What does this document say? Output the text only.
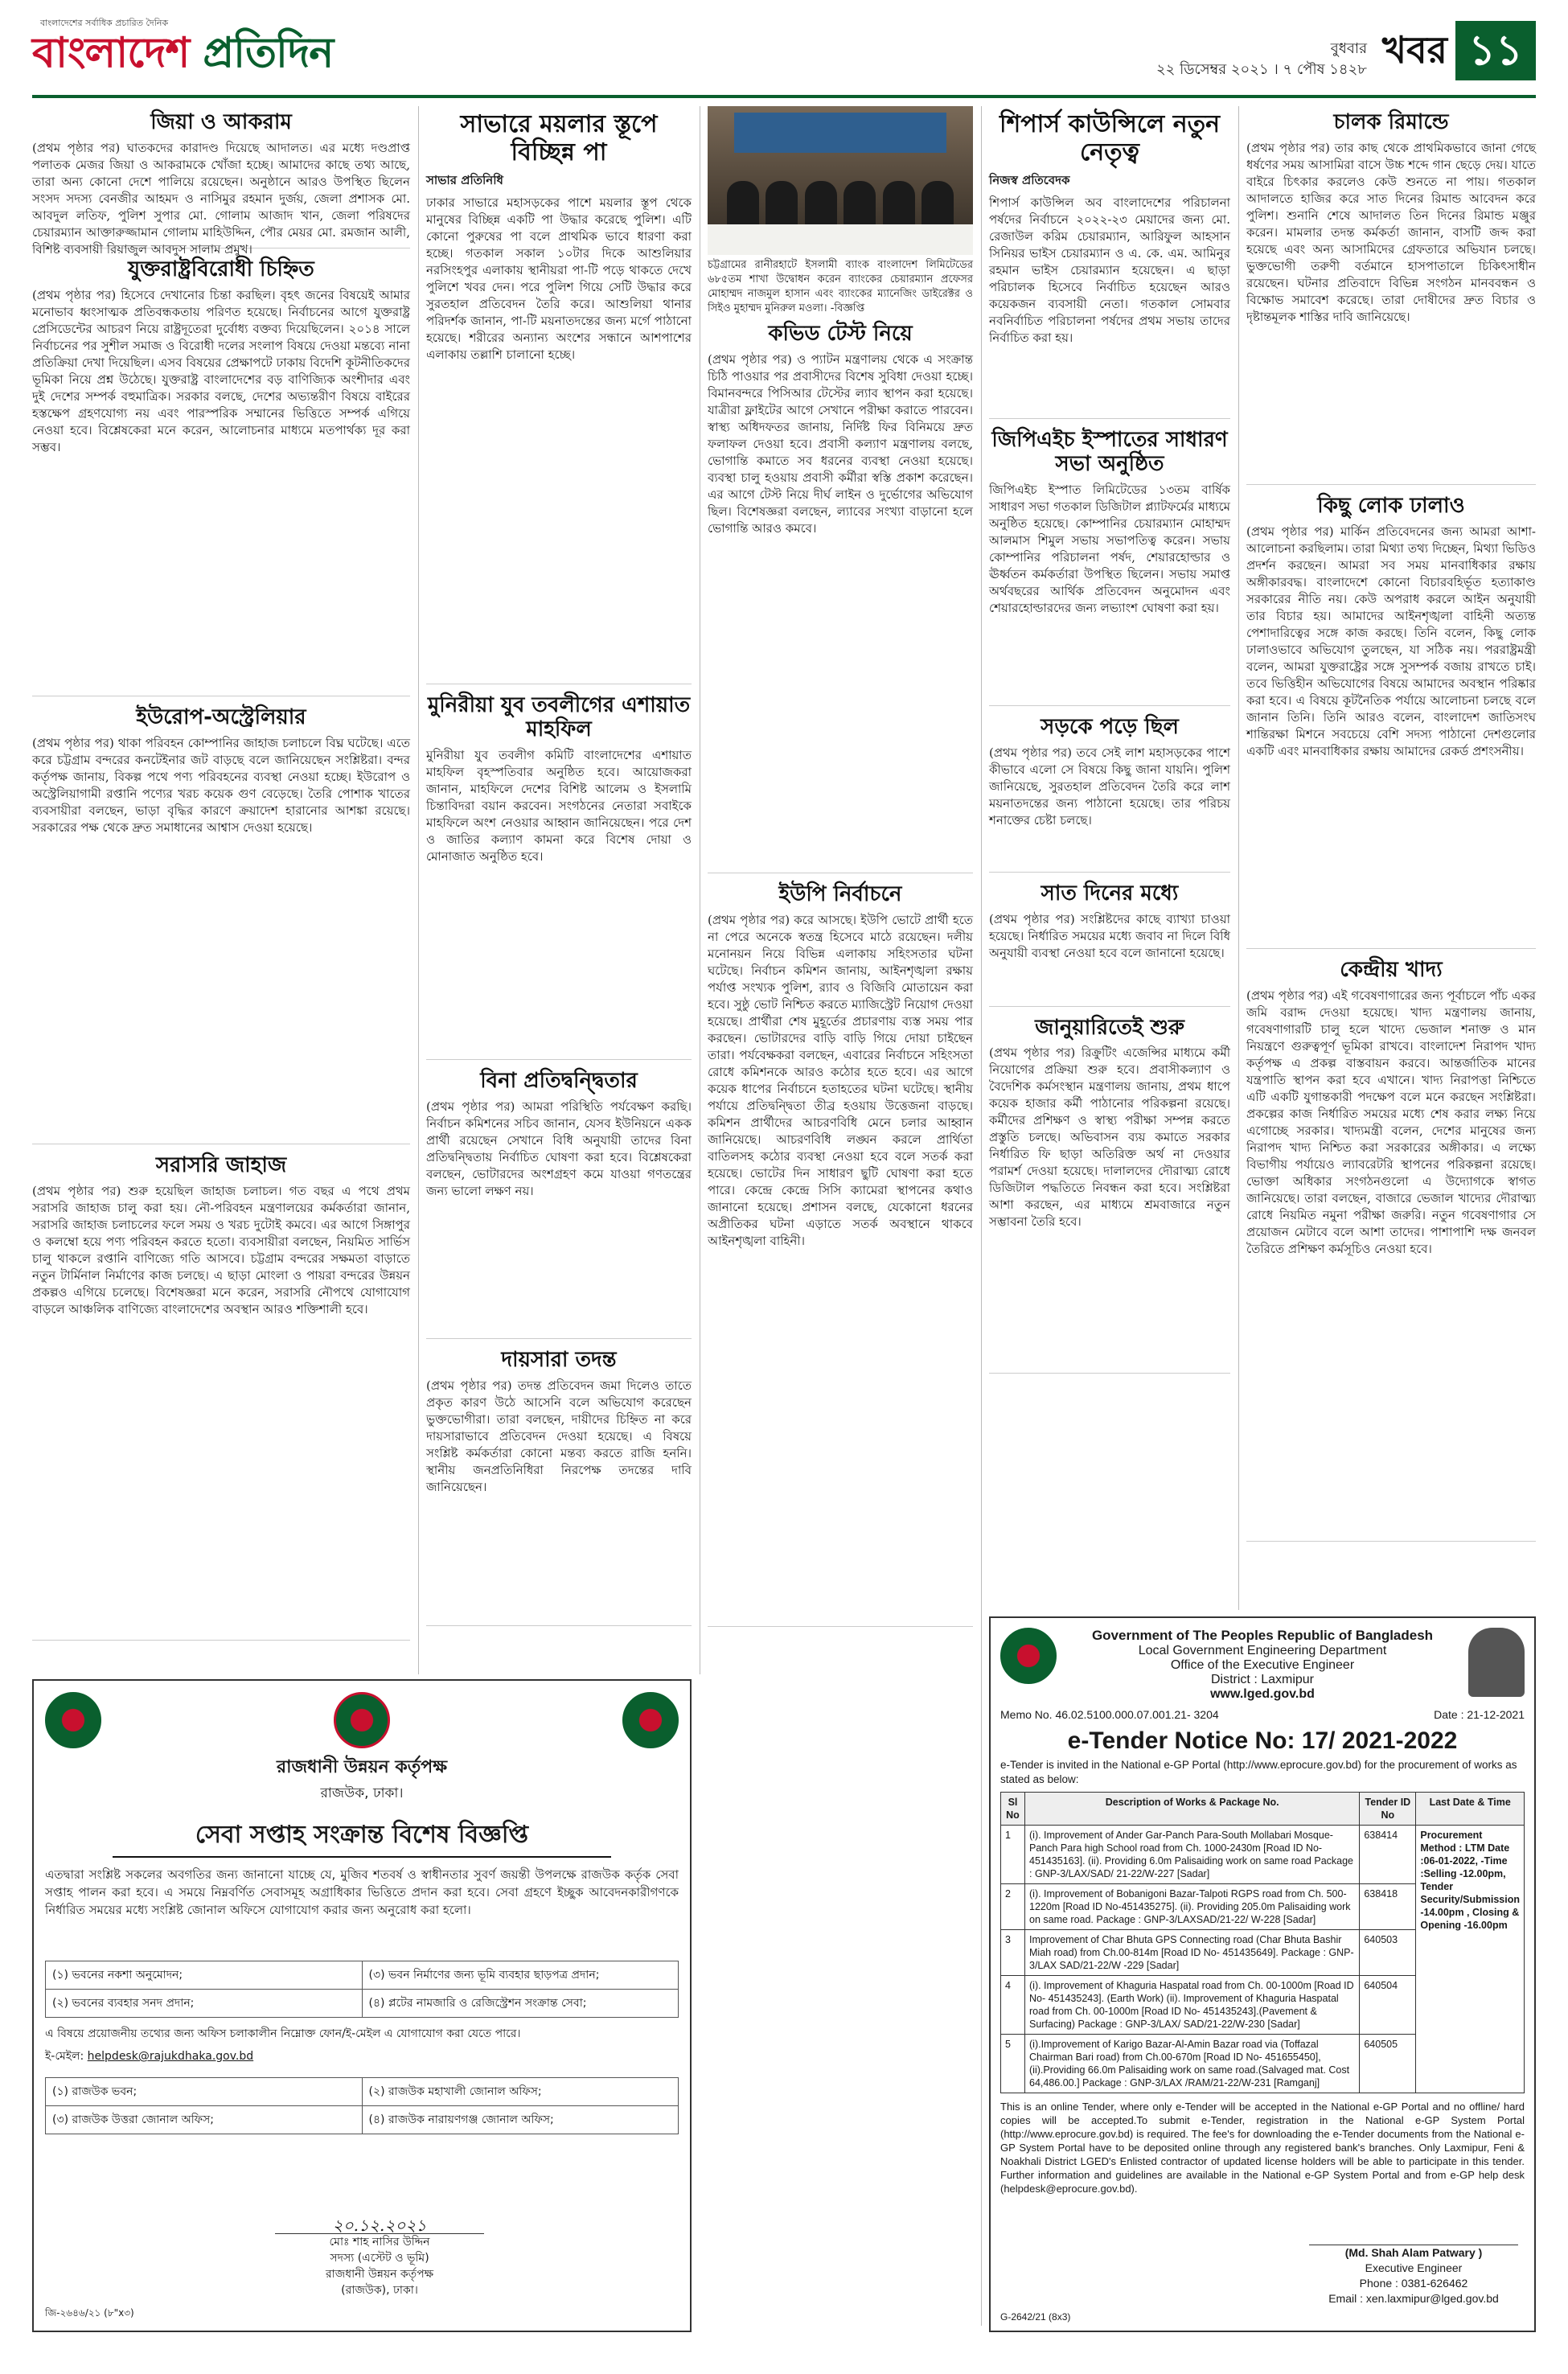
বাংলাদেশের সর্বাধিক প্রচারিত দৈনিক
বাংলাদেশ প্রতিদিন	বুধবার
২২ ডিসেম্বর ২০২১ । ৭ পৌষ ১৪২৮ খবর ১১
জিয়া ও আকরাম
(প্রথম পৃষ্ঠার পর) ঘাতকদের কারাদণ্ড দিয়েছে আদালত। এর মধ্যে দণ্ডপ্রাপ্ত পলাতক মেজর জিয়া ও আকরামকে খোঁজা হচ্ছে। আমাদের কাছে তথ্য আছে, তারা অন্য কোনো দেশে পালিয়ে রয়েছেন। অনুষ্ঠানে আরও উপস্থিত ছিলেন সংসদ সদস্য বেনজীর আহমদ ও নাসিমুর রহমান দুর্জয়, জেলা প্রশাসক মো. আবদুল লতিফ, পুলিশ সুপার মো. গোলাম আজাদ খান, জেলা পরিষদের চেয়ারম্যান আক্তারুজ্জামান গোলাম মাহিউদ্দিন, পৌর মেয়র মো. রমজান আলী, বিশিষ্ট ব্যবসায়ী রিয়াজুল আবদুস সালাম প্রমুখ।
যুক্তরাষ্ট্রবিরোধী চিহ্নিত
(প্রথম পৃষ্ঠার পর) হিসেবে দেখানোর চিন্তা করছিল। বৃহৎ জনের বিষয়েই আমার মনোভাব ধ্বংসাত্মক প্রতিবন্ধকতায় পরিণত হয়েছে। নির্বাচনের আগে যুক্তরাষ্ট্র প্রেসিডেন্টের আচরণ নিয়ে রাষ্ট্রদূতেরা দুর্বোধ্য বক্তব্য দিয়েছিলেন। ২০১৪ সালে নির্বাচনের পর সুশীল সমাজ ও বিরোধী দলের সংলাপ বিষয়ে দেওয়া মন্তব্যে নানা প্রতিক্রিয়া দেখা দিয়েছিল। এসব বিষয়ের প্রেক্ষাপটে ঢাকায় বিদেশি কূটনীতিকদের ভূমিকা নিয়ে প্রশ্ন উঠেছে। যুক্তরাষ্ট্র বাংলাদেশের বড় বাণিজ্যিক অংশীদার এবং দুই দেশের সম্পর্ক বহুমাত্রিক। সরকার বলছে, দেশের অভ্যন্তরীণ বিষয়ে বাইরের হস্তক্ষেপ গ্রহণযোগ্য নয় এবং পারস্পরিক সম্মানের ভিত্তিতে সম্পর্ক এগিয়ে নেওয়া হবে। বিশ্লেষকেরা মনে করেন, আলোচনার মাধ্যমে মতপার্থক্য দূর করা সম্ভব।
ইউরোপ-অস্ট্রেলিয়ার
(প্রথম পৃষ্ঠার পর) থাকা পরিবহন কোম্পানির জাহাজ চলাচলে বিঘ্ন ঘটেছে। এতে করে চট্টগ্রাম বন্দরের কনটেইনার জট বাড়ছে বলে জানিয়েছেন সংশ্লিষ্টরা। বন্দর কর্তৃপক্ষ জানায়, বিকল্প পথে পণ্য পরিবহনের ব্যবস্থা নেওয়া হচ্ছে। ইউরোপ ও অস্ট্রেলিয়াগামী রপ্তানি পণ্যের খরচ কয়েক গুণ বেড়েছে। তৈরি পোশাক খাতের ব্যবসায়ীরা বলছেন, ভাড়া বৃদ্ধির কারণে ক্রয়াদেশ হারানোর আশঙ্কা রয়েছে। সরকারের পক্ষ থেকে দ্রুত সমাধানের আশ্বাস দেওয়া হয়েছে।
সরাসরি জাহাজ
(প্রথম পৃষ্ঠার পর) শুরু হয়েছিল জাহাজ চলাচল। গত বছর এ পথে প্রথম সরাসরি জাহাজ চালু করা হয়। নৌ-পরিবহন মন্ত্রণালয়ের কর্মকর্তারা জানান, সরাসরি জাহাজ চলাচলের ফলে সময় ও খরচ দুটোই কমবে। এর আগে সিঙ্গাপুর ও কলম্বো হয়ে পণ্য পরিবহন করতে হতো। ব্যবসায়ীরা বলছেন, নিয়মিত সার্ভিস চালু থাকলে রপ্তানি বাণিজ্যে গতি আসবে। চট্টগ্রাম বন্দরের সক্ষমতা বাড়াতে নতুন টার্মিনাল নির্মাণের কাজ চলছে। এ ছাড়া মোংলা ও পায়রা বন্দরের উন্নয়ন প্রকল্পও এগিয়ে চলেছে। বিশেষজ্ঞরা মনে করেন, সরাসরি নৌপথে যোগাযোগ বাড়লে আঞ্চলিক বাণিজ্যে বাংলাদেশের অবস্থান আরও শক্তিশালী হবে।
সাভারে ময়লার স্তূপে বিচ্ছিন্ন পা
সাভার প্রতিনিধি
ঢাকার সাভারে মহাসড়কের পাশে ময়লার স্তূপ থেকে মানুষের বিচ্ছিন্ন একটি পা উদ্ধার করেছে পুলিশ। এটি কোনো পুরুষের পা বলে প্রাথমিক ভাবে ধারণা করা হচ্ছে। গতকাল সকাল ১০টার দিকে আশুলিয়ার নরসিংহপুর এলাকায় স্থানীয়রা পা-টি পড়ে থাকতে দেখে পুলিশে খবর দেন। পরে পুলিশ গিয়ে সেটি উদ্ধার করে সুরতহাল প্রতিবেদন তৈরি করে। আশুলিয়া থানার পরিদর্শক জানান, পা-টি ময়নাতদন্তের জন্য মর্গে পাঠানো হয়েছে। শরীরের অন্যান্য অংশের সন্ধানে আশপাশের এলাকায় তল্লাশি চালানো হচ্ছে।
মুনিরীয়া যুব তবলীগের এশায়াত মাহফিল
মুনিরীয়া যুব তবলীগ কমিটি বাংলাদেশের এশায়াত মাহফিল বৃহস্পতিবার অনুষ্ঠিত হবে। আয়োজকরা জানান, মাহফিলে দেশের বিশিষ্ট আলেম ও ইসলামি চিন্তাবিদরা বয়ান করবেন। সংগঠনের নেতারা সবাইকে মাহফিলে অংশ নেওয়ার আহ্বান জানিয়েছেন। পরে দেশ ও জাতির কল্যাণ কামনা করে বিশেষ দোয়া ও মোনাজাত অনুষ্ঠিত হবে।
বিনা প্রতিদ্বন্দ্বিতার
(প্রথম পৃষ্ঠার পর) আমরা পরিস্থিতি পর্যবেক্ষণ করছি। নির্বাচন কমিশনের সচিব জানান, যেসব ইউনিয়নে একক প্রার্থী রয়েছেন সেখানে বিধি অনুযায়ী তাদের বিনা প্রতিদ্বন্দ্বিতায় নির্বাচিত ঘোষণা করা হবে। বিশ্লেষকেরা বলছেন, ভোটারদের অংশগ্রহণ কমে যাওয়া গণতন্ত্রের জন্য ভালো লক্ষণ নয়।
দায়সারা তদন্ত
(প্রথম পৃষ্ঠার পর) তদন্ত প্রতিবেদন জমা দিলেও তাতে প্রকৃত কারণ উঠে আসেনি বলে অভিযোগ করেছেন ভুক্তভোগীরা। তারা বলছেন, দায়ীদের চিহ্নিত না করে দায়সারাভাবে প্রতিবেদন দেওয়া হয়েছে। এ বিষয়ে সংশ্লিষ্ট কর্মকর্তারা কোনো মন্তব্য করতে রাজি হননি। স্থানীয় জনপ্রতিনিধিরা নিরপেক্ষ তদন্তের দাবি জানিয়েছেন।
চট্টগ্রামের রানীরহাটে ইসলামী ব্যাংক বাংলাদেশ লিমিটেডের ৬৮৫তম শাখা উদ্বোধন করেন ব্যাংকের চেয়ারম্যান প্রফেসর মোহাম্মদ নাজমুল হাসান এবং ব্যাংকের ম্যানেজিং ডাইরেক্টর ও সিইও মুহাম্মদ মুনিরুল মওলা। -বিজ্ঞপ্তি
কভিড টেস্ট নিয়ে
(প্রথম পৃষ্ঠার পর) ও প্যাটন মন্ত্রণালয় থেকে এ সংক্রান্ত চিঠি পাওয়ার পর প্রবাসীদের বিশেষ সুবিধা দেওয়া হচ্ছে। বিমানবন্দরে পিসিআর টেস্টের ল্যাব স্থাপন করা হয়েছে। যাত্রীরা ফ্লাইটের আগে সেখানে পরীক্ষা করাতে পারবেন। স্বাস্থ্য অধিদফতর জানায়, নির্দিষ্ট ফির বিনিময়ে দ্রুত ফলাফল দেওয়া হবে। প্রবাসী কল্যাণ মন্ত্রণালয় বলছে, ভোগান্তি কমাতে সব ধরনের ব্যবস্থা নেওয়া হয়েছে। ব্যবস্থা চালু হওয়ায় প্রবাসী কর্মীরা স্বস্তি প্রকাশ করেছেন। এর আগে টেস্ট নিয়ে দীর্ঘ লাইন ও দুর্ভোগের অভিযোগ ছিল। বিশেষজ্ঞরা বলছেন, ল্যাবের সংখ্যা বাড়ানো হলে ভোগান্তি আরও কমবে।
ইউপি নির্বাচনে
(প্রথম পৃষ্ঠার পর) করে আসছে। ইউপি ভোটে প্রার্থী হতে না পেরে অনেকে স্বতন্ত্র হিসেবে মাঠে রয়েছেন। দলীয় মনোনয়ন নিয়ে বিভিন্ন এলাকায় সহিংসতার ঘটনা ঘটেছে। নির্বাচন কমিশন জানায়, আইনশৃঙ্খলা রক্ষায় পর্যাপ্ত সংখ্যক পুলিশ, র‌্যাব ও বিজিবি মোতায়েন করা হবে। সুষ্ঠু ভোট নিশ্চিত করতে ম্যাজিস্ট্রেট নিয়োগ দেওয়া হয়েছে। প্রার্থীরা শেষ মুহূর্তের প্রচারণায় ব্যস্ত সময় পার করছেন। ভোটারদের বাড়ি বাড়ি গিয়ে দোয়া চাইছেন তারা। পর্যবেক্ষকরা বলছেন, এবারের নির্বাচনে সহিংসতা রোধে কমিশনকে আরও কঠোর হতে হবে। এর আগে কয়েক ধাপের নির্বাচনে হতাহতের ঘটনা ঘটেছে। স্থানীয় পর্যায়ে প্রতিদ্বন্দ্বিতা তীব্র হওয়ায় উত্তেজনা বাড়ছে। কমিশন প্রার্থীদের আচরণবিধি মেনে চলার আহ্বান জানিয়েছে। আচরণবিধি লঙ্ঘন করলে প্রার্থিতা বাতিলসহ কঠোর ব্যবস্থা নেওয়া হবে বলে সতর্ক করা হয়েছে। ভোটের দিন সাধারণ ছুটি ঘোষণা করা হতে পারে। কেন্দ্রে কেন্দ্রে সিসি ক্যামেরা স্থাপনের কথাও জানানো হয়েছে। প্রশাসন বলছে, যেকোনো ধরনের অপ্রীতিকর ঘটনা এড়াতে সতর্ক অবস্থানে থাকবে আইনশৃঙ্খলা বাহিনী।
শিপার্স কাউন্সিলে নতুন নেতৃত্ব
নিজস্ব প্রতিবেদক
শিপার্স কাউন্সিল অব বাংলাদেশের পরিচালনা পর্ষদের নির্বাচনে ২০২২-২৩ মেয়াদের জন্য মো. রেজাউল করিম চেয়ারম্যান, আরিফুল আহসান সিনিয়র ভাইস চেয়ারম্যান ও এ. কে. এম. আমিনুর রহমান ভাইস চেয়ারম্যান হয়েছেন। এ ছাড়া পরিচালক হিসেবে নির্বাচিত হয়েছেন আরও কয়েকজন ব্যবসায়ী নেতা। গতকাল সোমবার নবনির্বাচিত পরিচালনা পর্ষদের প্রথম সভায় তাদের নির্বাচিত করা হয়।
জিপিএইচ ইস্পাতের সাধারণ সভা অনুষ্ঠিত
জিপিএইচ ইস্পাত লিমিটেডের ১৩তম বার্ষিক সাধারণ সভা গতকাল ডিজিটাল প্ল্যাটফর্মের মাধ্যমে অনুষ্ঠিত হয়েছে। কোম্পানির চেয়ারম্যান মোহাম্মদ আলমাস শিমুল সভায় সভাপতিত্ব করেন। সভায় কোম্পানির পরিচালনা পর্ষদ, শেয়ারহোল্ডার ও ঊর্ধ্বতন কর্মকর্তারা উপস্থিত ছিলেন। সভায় সমাপ্ত অর্থবছরের আর্থিক প্রতিবেদন অনুমোদন এবং শেয়ারহোল্ডারদের জন্য লভ্যাংশ ঘোষণা করা হয়।
সড়কে পড়ে ছিল
(প্রথম পৃষ্ঠার পর) তবে সেই লাশ মহাসড়কের পাশে কীভাবে এলো সে বিষয়ে কিছু জানা যায়নি। পুলিশ জানিয়েছে, সুরতহাল প্রতিবেদন তৈরি করে লাশ ময়নাতদন্তের জন্য পাঠানো হয়েছে। তার পরিচয় শনাক্তের চেষ্টা চলছে।
সাত দিনের মধ্যে
(প্রথম পৃষ্ঠার পর) সংশ্লিষ্টদের কাছে ব্যাখ্যা চাওয়া হয়েছে। নির্ধারিত সময়ের মধ্যে জবাব না দিলে বিধি অনুযায়ী ব্যবস্থা নেওয়া হবে বলে জানানো হয়েছে।
জানুয়ারিতেই শুরু
(প্রথম পৃষ্ঠার পর) রিক্রুটিং এজেন্সির মাধ্যমে কর্মী নিয়োগের প্রক্রিয়া শুরু হবে। প্রবাসীকল্যাণ ও বৈদেশিক কর্মসংস্থান মন্ত্রণালয় জানায়, প্রথম ধাপে কয়েক হাজার কর্মী পাঠানোর পরিকল্পনা রয়েছে। কর্মীদের প্রশিক্ষণ ও স্বাস্থ্য পরীক্ষা সম্পন্ন করতে প্রস্তুতি চলছে। অভিবাসন ব্যয় কমাতে সরকার নির্ধারিত ফি ছাড়া অতিরিক্ত অর্থ না দেওয়ার পরামর্শ দেওয়া হয়েছে। দালালদের দৌরাত্ম্য রোধে ডিজিটাল পদ্ধতিতে নিবন্ধন করা হবে। সংশ্লিষ্টরা আশা করছেন, এর মাধ্যমে শ্রমবাজারে নতুন সম্ভাবনা তৈরি হবে।
চালক রিমান্ডে
(প্রথম পৃষ্ঠার পর) তার কাছ থেকে প্রাথমিকভাবে জানা গেছে ধর্ষণের সময় আসামিরা বাসে উচ্চ শব্দে গান ছেড়ে দেয়। যাতে বাইরে চিৎকার করলেও কেউ শুনতে না পায়। গতকাল আদালতে হাজির করে সাত দিনের রিমান্ড আবেদন করে পুলিশ। শুনানি শেষে আদালত তিন দিনের রিমান্ড মঞ্জুর করেন। মামলার তদন্ত কর্মকর্তা জানান, বাসটি জব্দ করা হয়েছে এবং অন্য আসামিদের গ্রেফতারে অভিযান চলছে। ভুক্তভোগী তরুণী বর্তমানে হাসপাতালে চিকিৎসাধীন রয়েছেন। ঘটনার প্রতিবাদে বিভিন্ন সংগঠন মানববন্ধন ও বিক্ষোভ সমাবেশ করেছে। তারা দোষীদের দ্রুত বিচার ও দৃষ্টান্তমূলক শাস্তির দাবি জানিয়েছে।
কিছু লোক ঢালাও
(প্রথম পৃষ্ঠার পর) মার্কিন প্রতিবেদনের জন্য আমরা আশা-আলোচনা করছিলাম। তারা মিথ্যা তথ্য দিচ্ছেন, মিথ্যা ভিডিও প্রদর্শন করছেন। আমরা সব সময় মানবাধিকার রক্ষায় অঙ্গীকারবদ্ধ। বাংলাদেশে কোনো বিচারবহির্ভূত হত্যাকাণ্ড সরকারের নীতি নয়। কেউ অপরাধ করলে আইন অনুযায়ী তার বিচার হয়। আমাদের আইনশৃঙ্খলা বাহিনী অত্যন্ত পেশাদারিত্বের সঙ্গে কাজ করছে। তিনি বলেন, কিছু লোক ঢালাওভাবে অভিযোগ তুলছেন, যা সঠিক নয়। পররাষ্ট্রমন্ত্রী বলেন, আমরা যুক্তরাষ্ট্রের সঙ্গে সুসম্পর্ক বজায় রাখতে চাই। তবে ভিত্তিহীন অভিযোগের বিষয়ে আমাদের অবস্থান পরিষ্কার করা হবে। এ বিষয়ে কূটনৈতিক পর্যায়ে আলোচনা চলছে বলে জানান তিনি। তিনি আরও বলেন, বাংলাদেশ জাতিসংঘ শান্তিরক্ষা মিশনে সবচেয়ে বেশি সদস্য পাঠানো দেশগুলোর একটি এবং মানবাধিকার রক্ষায় আমাদের রেকর্ড প্রশংসনীয়।
কেন্দ্রীয় খাদ্য
(প্রথম পৃষ্ঠার পর) এই গবেষণাগারের জন্য পূর্বাচলে পাঁচ একর জমি বরাদ্দ দেওয়া হয়েছে। খাদ্য মন্ত্রণালয় জানায়, গবেষণাগারটি চালু হলে খাদ্যে ভেজাল শনাক্ত ও মান নিয়ন্ত্রণে গুরুত্বপূর্ণ ভূমিকা রাখবে। বাংলাদেশ নিরাপদ খাদ্য কর্তৃপক্ষ এ প্রকল্প বাস্তবায়ন করবে। আন্তর্জাতিক মানের যন্ত্রপাতি স্থাপন করা হবে এখানে। খাদ্য নিরাপত্তা নিশ্চিতে এটি একটি যুগান্তকারী পদক্ষেপ বলে মনে করছেন সংশ্লিষ্টরা। প্রকল্পের কাজ নির্ধারিত সময়ের মধ্যে শেষ করার লক্ষ্য নিয়ে এগোচ্ছে সরকার। খাদ্যমন্ত্রী বলেন, দেশের মানুষের জন্য নিরাপদ খাদ্য নিশ্চিত করা সরকারের অঙ্গীকার। এ লক্ষ্যে বিভাগীয় পর্যায়েও ল্যাবরেটরি স্থাপনের পরিকল্পনা রয়েছে। ভোক্তা অধিকার সংগঠনগুলো এ উদ্যোগকে স্বাগত জানিয়েছে। তারা বলছেন, বাজারে ভেজাল খাদ্যের দৌরাত্ম্য রোধে নিয়মিত নমুনা পরীক্ষা জরুরি। নতুন গবেষণাগার সে প্রয়োজন মেটাবে বলে আশা তাদের। পাশাপাশি দক্ষ জনবল তৈরিতে প্রশিক্ষণ কর্মসূচিও নেওয়া হবে।
রাজধানী উন্নয়ন কর্তৃপক্ষ
রাজউক, ঢাকা।
সেবা সপ্তাহ সংক্রান্ত বিশেষ বিজ্ঞপ্তি
এতদ্বারা সংশ্লিষ্ট সকলের অবগতির জন্য জানানো যাচ্ছে যে, মুজিব শতবর্ষ ও স্বাধীনতার সুবর্ণ জয়ন্তী উপলক্ষে রাজউক কর্তৃক সেবা সপ্তাহ পালন করা হবে। এ সময়ে নিম্নবর্ণিত সেবাসমূহ অগ্রাধিকার ভিত্তিতে প্রদান করা হবে। সেবা গ্রহণে ইচ্ছুক আবেদনকারীগণকে নির্ধারিত সময়ের মধ্যে সংশ্লিষ্ট জোনাল অফিসে যোগাযোগ করার জন্য অনুরোধ করা হলো।
(১) ভবনের নকশা অনুমোদন;	(৩) ভবন নির্মাণের জন্য ভূমি ব্যবহার ছাড়পত্র প্রদান;
(২) ভবনের ব্যবহার সনদ প্রদান;	(৪) প্লটের নামজারি ও রেজিস্ট্রেশন সংক্রান্ত সেবা;
এ বিষয়ে প্রয়োজনীয় তথ্যের জন্য অফিস চলাকালীন নিম্নোক্ত ফোন/ই-মেইল এ যোগাযোগ করা যেতে পারে।
ই-মেইল: helpdesk@rajukdhaka.gov.bd
(১) রাজউক ভবন;	(২) রাজউক মহাখালী জোনাল অফিস;
(৩) রাজউক উত্তরা জোনাল অফিস;	(৪) রাজউক নারায়ণগঞ্জ জোনাল অফিস;
২০.১২.২০২১
মোঃ শাহ নাসির উদ্দিন
সদস্য (এস্টেট ও ভূমি)
রাজধানী উন্নয়ন কর্তৃপক্ষ
(রাজউক), ঢাকা।
জি-২৬৪৬/২১ (৮"x৩)
Government of The Peoples Republic of Bangladesh
Local Government Engineering Department
Office of the Executive Engineer
District : Laxmipur
www.lged.gov.bd
Memo No. 46.02.5100.000.07.001.21- 3204	Date : 21-12-2021
e-Tender Notice No: 17/ 2021-2022
e-Tender is invited in the National e-GP Portal (http://www.eprocure.gov.bd) for the procurement of works as stated as below:
Sl No	Description of Works & Package No.	Tender ID No	Last Date & Time
1	(i). Improvement of Ander Gar-Panch Para-South Mollabari Mosque-Panch Para high School road from Ch. 1000-2430m [Road ID No- 451435163]. (ii). Providing 6.0m Palisaiding work on same road Package : GNP-3/LAX/SAD/ 21-22/W-227 [Sadar]	638414	Procurement Method : LTM Date :06-01-2022, -Time :Selling -12.00pm, Tender Security/Submission -14.00pm , Closing & Opening -16.00pm
2	(i). Improvement of Bobanigoni Bazar-Talpoti RGPS road from Ch. 500- 1220m [Road ID No-451435275]. (ii). Providing 205.0m Palisaiding work on same road. Package : GNP-3/LAXSAD/21-22/ W-228 [Sadar]	638418	
3	Improvement of Char Bhuta GPS Connecting road (Char Bhuta Bashir Miah road) from Ch.00-814m [Road ID No- 451435649]. Package : GNP-3/LAX SAD/21-22/W -229 [Sadar]	640503	
4	(i). Improvement of Khaguria Haspatal road from Ch. 00-1000m [Road ID No- 451435243]. (Earth Work) (ii). Improvement of Khaguria Haspatal road from Ch. 00-1000m [Road ID No- 451435243].(Pavement & Surfacing) Package : GNP-3/LAX/ SAD/21-22/W-230 [Sadar]	640504	
5	(i).Improvement of Karigo Bazar-Al-Amin Bazar road via (Toffazal Chairman Bari road) from Ch.00-670m [Road ID No- 451655450], (ii).Providing 66.0m Palisaiding work on same road.(Salvaged mat. Cost 64,486.00.] Package : GNP-3/LAX /RAM/21-22/W-231 [Ramganj]	640505	
This is an online Tender, where only e-Tender will be accepted in the National e-GP Portal and no offline/ hard copies will be accepted.To submit e-Tender, registration in the National e-GP System Portal (http://www.eprocure.gov.bd) is required. The fee's for downloading the e-Tender documents from the National e-GP System Portal have to be deposited online through any registered bank's branches. Only Laxmipur, Feni & Noakhali District LGED's Enlisted contractor of updated license holders will be able to participate in this tender. Further information and guidelines are available in the National e-GP System Portal and from e-GP help desk (helpdesk@eprocure.gov.bd).
(Md. Shah Alam Patwary )
Executive Engineer
Phone : 0381-626462
Email : xen.laxmipur@lged.gov.bd
G-2642/21 (8x3)
